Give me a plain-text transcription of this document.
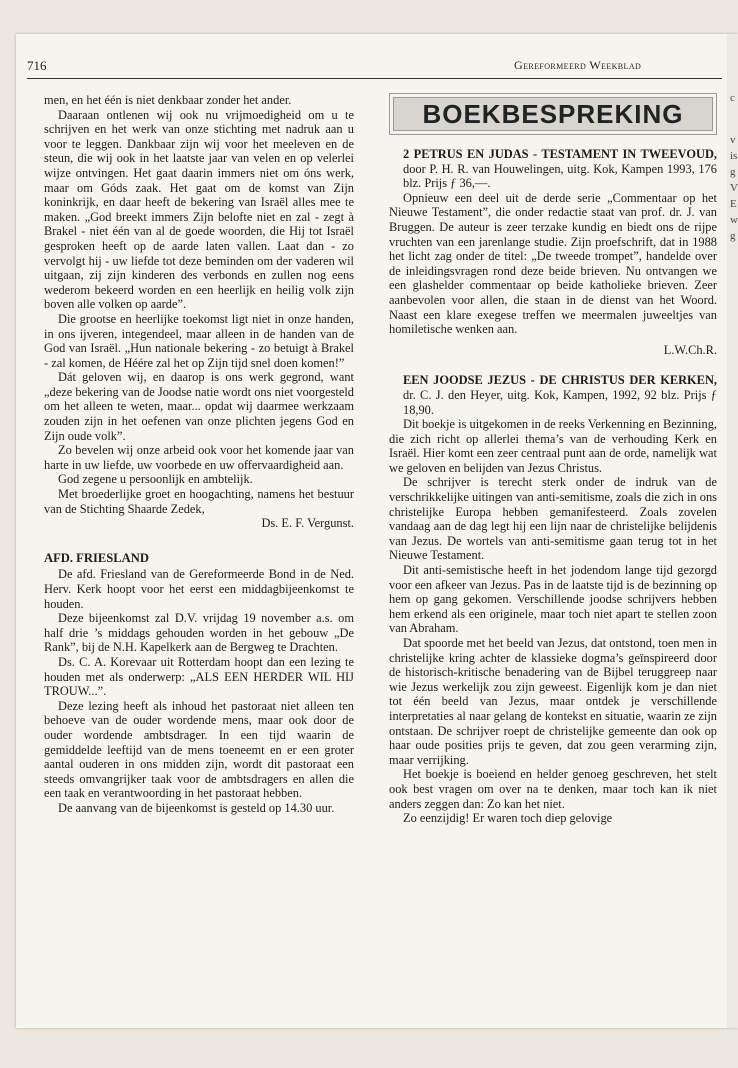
716	Gereformeerd Weekblad
c
v
is
g
V
E
w
g

men, en het één is niet denkbaar zonder het ander.

Daaraan ontlenen wij ook nu vrijmoedigheid om u te schrijven en het werk van onze stichting met nadruk aan u voor te leggen. Dankbaar zijn wij voor het meeleven en de steun, die wij ook in het laatste jaar van velen en op velerlei wijze ontvingen. Het gaat daarin immers niet om óns werk, maar om Góds zaak. Het gaat om de komst van Zijn koninkrijk, en daar heeft de bekering van Israël alles mee te maken. „God breekt immers Zijn belofte niet en zal - zegt à Brakel - niet één van al de goede woorden, die Hij tot Israël gesproken heeft op de aarde laten vallen. Laat dan - zo vervolgt hij - uw liefde tot deze beminden om der vaderen wil uitgaan, zij zijn kinderen des verbonds en zullen nog eens wederom bekeerd worden en een heerlijk en heilig volk zijn boven alle volken op aarde”.

Die grootse en heerlijke toekomst ligt niet in onze handen, in ons ijveren, integendeel, maar alleen in de handen van de God van Israël. „Hun nationale bekering - zo betuigt à Brakel - zal komen, de Héére zal het op Zijn tijd snel doen komen!”

Dát geloven wij, en daarop is ons werk gegrond, want „deze bekering van de Joodse natie wordt ons niet voorgesteld om het alleen te weten, maar... opdat wij daarmee werkzaam zouden zijn in het oefenen van onze plichten jegens God en Zijn oude volk”.

Zo bevelen wij onze arbeid ook voor het komende jaar van harte in uw liefde, uw voorbede en uw offervaardigheid aan.

God zegene u persoonlijk en ambtelijk.

Met broederlijke groet en hoogachting, namens het bestuur van de Stichting Shaarde Zedek,

Ds. E. F. Vergunst.
AFD. FRIESLAND

De afd. Friesland van de Gereformeerde Bond in de Ned. Herv. Kerk hoopt voor het eerst een middagbijeenkomst te houden.

Deze bijeenkomst zal D.V. vrijdag 19 november a.s. om half drie ’s middags gehouden worden in het gebouw „De Rank”, bij de N.H. Kapelkerk aan de Bergweg te Drachten.

Ds. C. A. Korevaar uit Rotterdam hoopt dan een lezing te houden met als onderwerp: „ALS EEN HERDER WIL HIJ TROUW...”.

Deze lezing heeft als inhoud het pastoraat niet alleen ten behoeve van de ouder wordende mens, maar ook door de ouder wordende ambtsdrager. In een tijd waarin de gemiddelde leeftijd van de mens toeneemt en er een groter aantal ouderen in ons midden zijn, wordt dit pastoraat een steeds omvangrijker taak voor de ambtsdragers en allen die een taak en verantwoording in het pastoraat hebben.

De aanvang van de bijeenkomst is gesteld op 14.30 uur.

BOEKBESPREKING

2 PETRUS EN JUDAS - TESTAMENT IN TWEEVOUD, door P. H. R. van Houwelingen, uitg. Kok, Kampen 1993, 176 blz. Prijs ƒ 36,—.

Opnieuw een deel uit de derde serie „Commentaar op het Nieuwe Testament”, die onder redactie staat van prof. dr. J. van Bruggen. De auteur is zeer terzake kundig en biedt ons de rijpe vruchten van een jarenlange studie. Zijn proefschrift, dat in 1988 het licht zag onder de titel: „De tweede trompet”, handelde over de inleidingsvragen rond deze beide brieven. Nu ontvangen we een glashelder commentaar op beide katholieke brieven. Zeer aanbevolen voor allen, die staan in de dienst van het Woord. Naast een klare exegese treffen we meermalen juweeltjes van homiletische wenken aan.

L.W.Ch.R.

EEN JOODSE JEZUS - DE CHRISTUS DER KERKEN, dr. C. J. den Heyer, uitg. Kok, Kampen, 1992, 92 blz. Prijs ƒ 18,90.

Dit boekje is uitgekomen in de reeks Verkenning en Bezinning, die zich richt op allerlei thema’s van de verhouding Kerk en Israël. Hier komt een zeer centraal punt aan de orde, namelijk wat we geloven en belijden van Jezus Christus.

De schrijver is terecht sterk onder de indruk van de verschrikkelijke uitingen van anti-semitisme, zoals die zich in ons christelijke Europa hebben gemanifesteerd. Zoals zovelen vandaag aan de dag legt hij een lijn naar de christelijke belijdenis van Jezus. De wortels van anti-semitisme gaan terug tot in het Nieuwe Testament.

Dit anti-semistische heeft in het jodendom lange tijd gezorgd voor een afkeer van Jezus. Pas in de laatste tijd is de bezinning op hem op gang gekomen. Verschillende joodse schrijvers hebben hem erkend als een originele, maar toch niet apart te stellen zoon van Abraham.

Dat spoorde met het beeld van Jezus, dat ontstond, toen men in christelijke kring achter de klassieke dogma’s geïnspireerd door de historisch-kritische benadering van de Bijbel teruggreep naar wie Jezus werkelijk zou zijn geweest. Eigenlijk kom je dan niet tot één beeld van Jezus, maar ontdek je verschillende interpretaties al naar gelang de kontekst en situatie, waarin ze zijn ontstaan. De schrijver roept de christelijke gemeente dan ook op haar oude posities prijs te geven, dat zou geen verarming zijn, maar verrijking.

Het boekje is boeiend en helder genoeg geschreven, het stelt ook best vragen om over na te denken, maar toch kan ik niet anders zeggen dan: Zo kan het niet.

Zo eenzijdig! Er waren toch diep gelovige
